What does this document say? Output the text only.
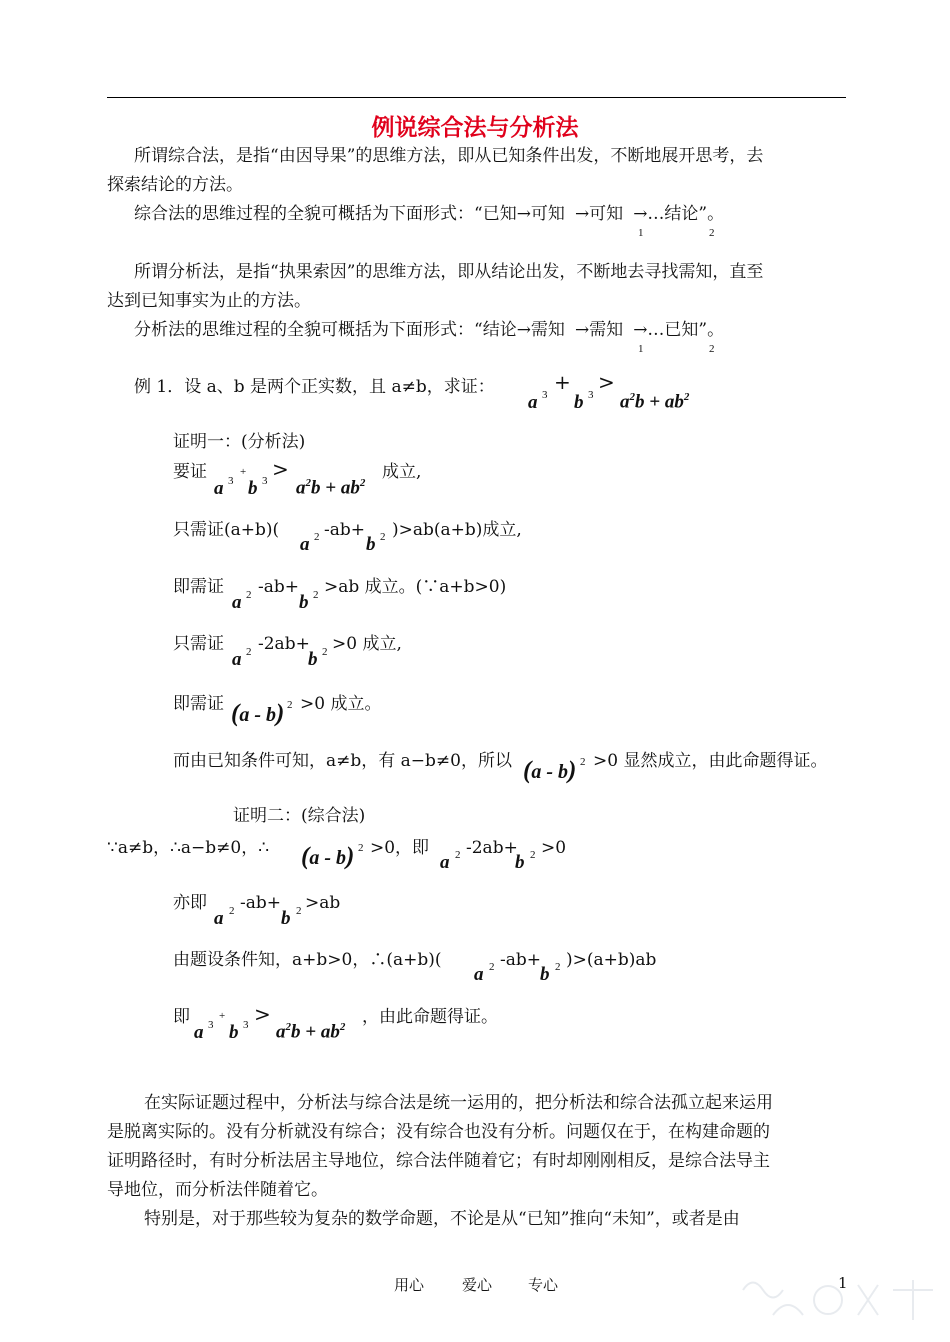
例说综合法与分析法
所谓综合法，是指“由因导果”的思维方法，即从已知条件出发，不断地展开思考，去
探索结论的方法。
综合法的思维过程的全貌可概括为下面形式：“已知→可知 →可知 →…结论”。
1	2
所谓分析法，是指“执果索因”的思维方法，即从结论出发，不断地去寻找需知，直至
达到已知事实为止的方法。
分析法的思维过程的全貌可概括为下面形式：“结论→需知 →需知 →…已知”。
1	2
例 1．设 a、b 是两个正实数，且 a≠b，求证：
a 3
+
b 3
>
$a^2b + ab^2$
证明一：(分析法)
要证
a 3
+
b 3 >
$a^2b + ab^2$
成立,
只需证(a+b)(
a 2 -ab+
b 2 )>ab(a+b)成立,
即需证
a 2 -ab+
b 2 >ab 成立。(∵a+b>0)
只需证
a 2 -2ab+
b 2 >0 成立,
即需证 (a - b) 2 >0 成立。
而由已知条件可知，a≠b，有 a−b≠0，所以 (a - b) 2 >0 显然成立，由此命题得证。
证明二：(综合法)
∵a≠b，∴a−b≠0，∴ (a - b) 2 >0，即
a 2 -2ab+
b 2 >0
亦即
a 2 -ab+
b 2 >ab
由题设条件知，a+b>0，∴(a+b)(
a 2 -ab+
b 2 )>(a+b)ab
即
a 3
+
b 3 >
$a^2b + ab^2$ ，由此命题得证。
在实际证题过程中，分析法与综合法是统一运用的，把分析法和综合法孤立起来运用
是脱离实际的。没有分析就没有综合；没有综合也没有分析。问题仅在于，在构建命题的
证明路径时，有时分析法居主导地位，综合法伴随着它；有时却刚刚相反，是综合法导主
导地位，而分析法伴随着它。
特别是，对于那些较为复杂的数学命题，不论是从“已知”推向“未知”，或者是由
用心	爱心 专心	1
